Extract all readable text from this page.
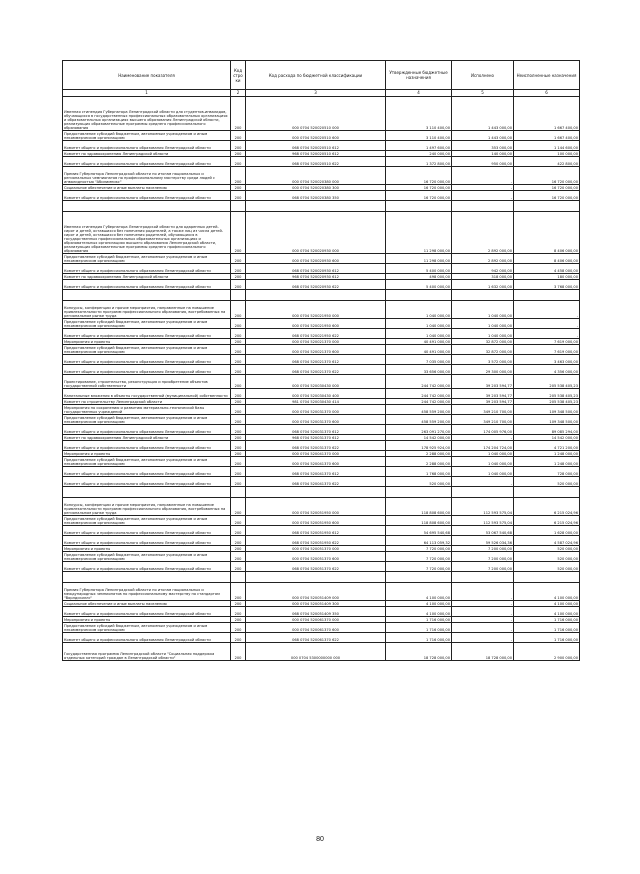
Наименование показателя	Код стро ки	Код расхода по бюджетной классификации	Утвержденные бюджетные назначения	Исполнено	Неисполненные назначения
1	2	3	4	5	6
Именная стипендия Губернатора Ленинградской области для студентов-инвалидов, обучающихся в государственных профессиональных образовательных организациях и образовательных организациях высшего образования Ленинградской области, реализующих образовательные программы среднего профессионального образования	200	000 0704 520020510 000	3 110 400,00	1 443 000,00	1 667 400,00
Предоставление субсидий бюджетным, автономным учреждениям и иным некоммерческим организациям	200	000 0704 520020510 600	3 110 400,00	1 443 000,00	1 667 400,00
Комитет общего и профессионального образования Ленинградской области	200	068 0704 520020510 612	1 497 600,00	353 000,00	1 144 600,00
Комитет по здравоохранению Ленинградской области	200	968 0704 520020510 612	240 000,00	140 000,00	100 000,00
Комитет общего и профессионального образования Ленинградской области	200	068 0704 520020510 622	1 372 800,00	950 000,00	422 800,00
Премия Губернатора Ленинградской области по итогам национальных и региональных чемпионатов по профессиональному мастерству среди людей с инвалидностью "Абилимпикс"	200	000 0704 520020380 000	16 720 000,00	-	16 720 000,00
Социальное обеспечение и иные выплаты населению	200	000 0704 520020380 300	16 720 000,00	-	16 720 000,00
Комитет общего и профессионального образования Ленинградской области	200	068 0704 520020380 350	16 720 000,00	-	16 720 000,00

Именная стипендия Губернатора Ленинградской области для одаренных детей-сирот и детей, оставшихся без попечения родителей, а также лиц из числа детей-сирот и детей, оставшихся без попечения родителей, обучающихся в государственных профессиональных образовательных организациях и образовательных организациях высшего образования Ленинградской области, реализующих образовательные программы среднего профессионального образования	200	000 0704 520020930 000	11 298 000,00	2 892 000,00	8 406 000,00
Предоставление субсидий бюджетным, автономным учреждениям и иным некоммерческим организациям	200	000 0704 520020930 600	11 298 000,00	2 892 000,00	8 406 000,00
Комитет общего и профессионального образования Ленинградской области	200	068 0704 520020930 612	5 400 000,00	942 000,00	4 458 000,00
Комитет по здравоохранению Ленинградской области	200	968 0704 520020930 612	498 000,00	318 000,00	180 000,00
Комитет общего и профессионального образования Ленинградской области	200	068 0704 520020930 622	5 400 000,00	1 632 000,00	3 768 000,00

Конкурсы, конференции и прочие мероприятия, направленные на повышение привлекательности программ профессионального образования, востребованных на региональном рынке труда	200	000 0704 520021950 000	1 040 000,00	1 040 000,00	-
Предоставление субсидий бюджетным, автономным учреждениям и иным некоммерческим организациям	200	000 0704 520021950 600	1 040 000,00	1 040 000,00	-
Комитет общего и профессионального образования Ленинградской области	200	068 0704 520021950 622	1 040 000,00	1 040 000,00	-
Мероприятия и проекты	200	000 0704 520021370 000	40 491 000,00	32 872 000,00	7 619 000,00
Предоставление субсидий бюджетным, автономным учреждениям и иным некоммерческим организациям	200	000 0704 520021370 600	40 491 000,00	32 872 000,00	7 619 000,00
Комитет общего и профессионального образования Ленинградской области	200	068 0704 520021370 612	7 035 000,00	3 572 000,00	3 463 000,00
Комитет общего и профессионального образования Ленинградской области	200	068 0704 520021370 622	33 656 000,00	29 300 000,00	4 356 000,00
Проектирование, строительство, реконструкция и приобретение объектов государственной собственности	200	000 0704 520030430 000	244 742 000,00	39 203 594,77	205 538 405,23
Капитальные вложения в объекты государственной (муниципальной) собственности	200	000 0704 520030430 400	244 742 000,00	39 203 594,77	205 538 405,23
Комитет по строительству Ленинградской области	200	981 0704 520030430 414	244 742 000,00	39 203 594,77	205 538 405,23
Мероприятия по сохранению и развитию материально-технической базы государственных учреждений	200	000 0704 520031370 000	458 559 200,00	349 210 700,00	109 348 500,00
Предоставление субсидий бюджетным, автономным учреждениям и иным некоммерческим организациям	200	000 0704 520031370 600	458 559 200,00	349 210 700,00	109 348 500,00
Комитет общего и профессионального образования Ленинградской области	200	068 0704 520031370 612	263 091 270,00	174 005 976,00	89 085 294,00
Комитет по здравоохранению Ленинградской области	200	968 0704 520031370 612	14 542 000,00	-	14 542 000,00
Комитет общего и профессионального образования Ленинградской области	200	068 0704 520031370 622	178 925 924,00	174 204 724,00	4 721 200,00
Мероприятия и проекты	200	000 0704 520041370 000	2 288 000,00	1 040 000,00	1 248 000,00
Предоставление субсидий бюджетным, автономным учреждениям и иным некоммерческим организациям	200	000 0704 520041370 600	2 288 000,00	1 040 000,00	1 248 000,00
Комитет общего и профессионального образования Ленинградской области	200	068 0704 520041370 612	1 768 000,00	1 040 000,00	728 000,00
Комитет общего и профессионального образования Ленинградской области	200	068 0704 520041370 622	520 000,00	-	520 000,00

Конкурсы, конференции и прочие мероприятия, направленные на повышение привлекательности программ профессионального образования, востребованных на региональном рынке труда	200	000 0704 520051950 000	118 808 600,00	112 593 575,04	6 215 024,96
Предоставление субсидий бюджетным, автономным учреждениям и иным некоммерческим организациям	200	000 0704 520051950 600	118 808 600,00	112 593 575,04	6 215 024,96
Комитет общего и профессионального образования Ленинградской области	200	068 0704 520051950 612	54 695 540,68	53 067 540,68	1 628 000,00
Комитет общего и профессионального образования Ленинградской области	200	068 0704 520051950 622	64 113 059,32	59 526 034,36	4 587 024,96
Мероприятия и проекты	200	000 0704 520051370 000	7 720 000,00	7 200 000,00	520 000,00
Предоставление субсидий бюджетным, автономным учреждениям и иным некоммерческим организациям	200	000 0704 520051370 600	7 720 000,00	7 200 000,00	520 000,00
Комитет общего и профессионального образования Ленинградской области	200	068 0704 520051370 622	7 720 000,00	7 200 000,00	520 000,00

Премия Губернатора Ленинградской области по итогам национальных и международных чемпионатов по профессиональному мастерству по стандартам "Ворлдскиллс"	200	000 0704 520051409 000	4 100 000,00	-	4 100 000,00
Социальное обеспечение и иные выплаты населению	200	000 0704 520051409 300	4 100 000,00	-	4 100 000,00
Комитет общего и профессионального образования Ленинградской области	200	068 0704 520051409 350	4 100 000,00	-	4 100 000,00
Мероприятия и проекты	200	000 0704 520061370 000	1 716 000,00	-	1 716 000,00
Предоставление субсидий бюджетным, автономным учреждениям и иным некоммерческим организациям	200	000 0704 520061370 600	1 716 000,00	-	1 716 000,00
Комитет общего и профессионального образования Ленинградской области	200	068 0704 520061370 622	1 716 000,00	-	1 716 000,00
Государственная программа Ленинградской области "Социальная поддержка отдельных категорий граждан в Ленинградской области"	200	000 0704 5300000000 000	18 728 000,00	18 728 000,00	2 900 000,00
80
